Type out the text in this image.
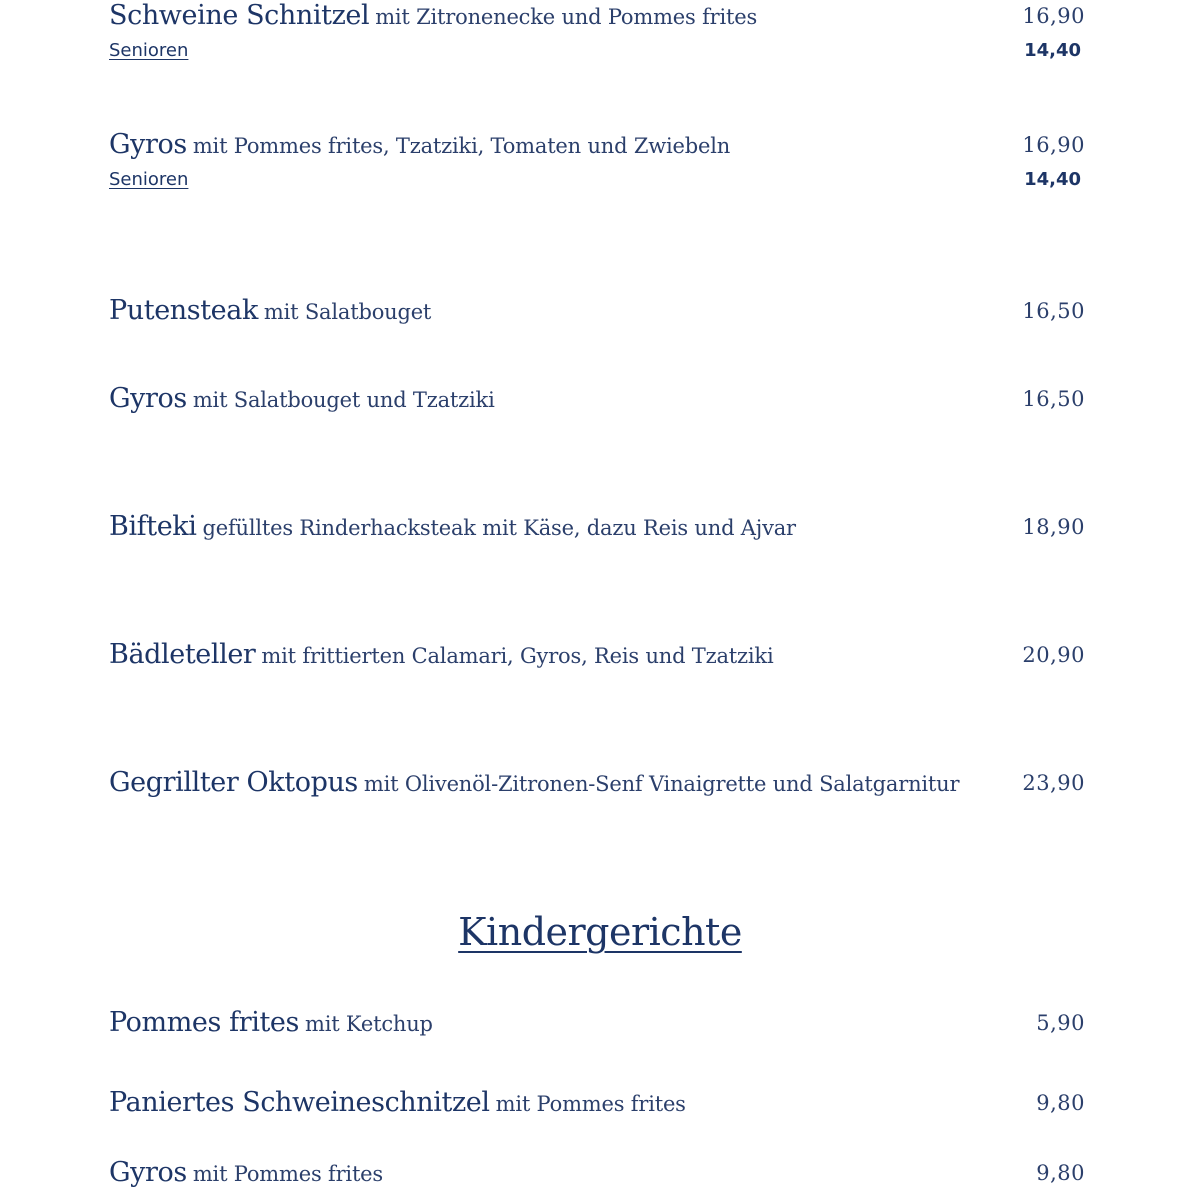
Schweine Schnitzel mit Zitronenecke und Pommes frites	16,90
Senioren	14,40
Gyros mit Pommes frites, Tzatziki, Tomaten und Zwiebeln	16,90
Senioren	14,40
Putensteak mit Salatbouget	16,50
Gyros mit Salatbouget und Tzatziki	16,50
Bifteki gefülltes Rinderhacksteak mit Käse, dazu Reis und Ajvar	18,90
Bädleteller mit frittierten Calamari, Gyros, Reis und Tzatziki	20,90
Gegrillter Oktopus mit Olivenöl-Zitronen-Senf Vinaigrette und Salatgarnitur	23,90
Kindergerichte
Pommes frites mit Ketchup	5,90
Paniertes Schweineschnitzel mit Pommes frites	9,80
Gyros mit Pommes frites	9,80
